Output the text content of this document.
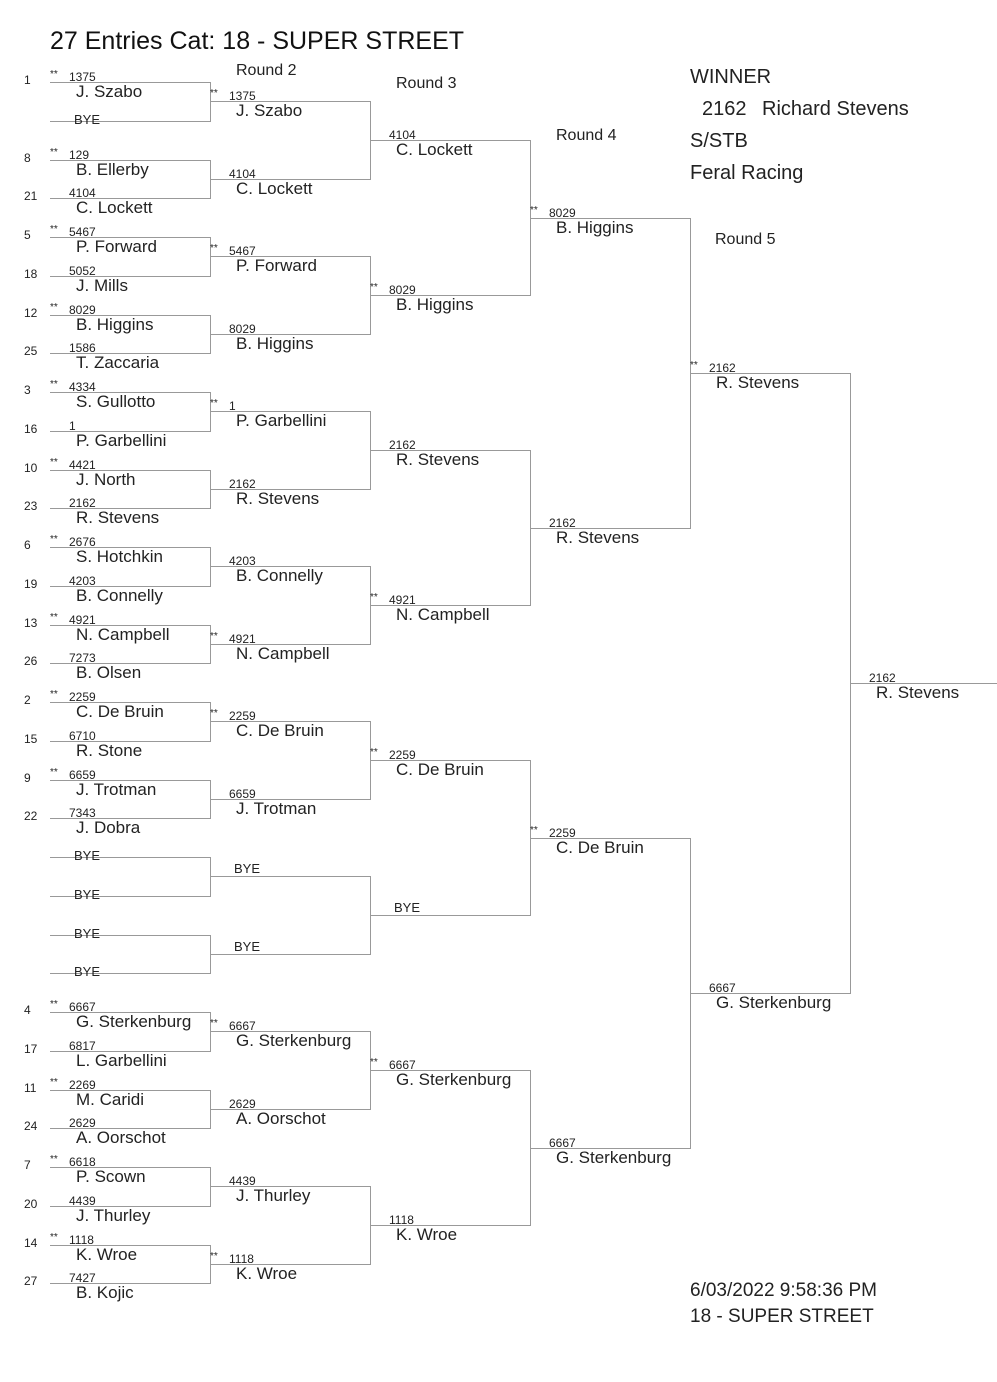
27 Entries Cat: 18 - SUPER STREET
Round 2
Round 3
Round 4
Round 5
WINNER
2162 Richard Stevens
S/STB
Feral Racing
6/03/2022 9:58:36 PM
18 - SUPER STREET
1 ** 1375
J. Szabo
BYE
8 ** 129
B. Ellerby
21	4104
C. Lockett
5 ** 5467
P. Forward
18	5052
J. Mills
12 ** 8029
B. Higgins
25	1586
T. Zaccaria
3 ** 4334
S. Gullotto
16	1
P. Garbellini
10 ** 4421
J. North
23	2162
R. Stevens
6 ** 2676
S. Hotchkin
19	4203
B. Connelly
13 ** 4921
N. Campbell
26	7273
B. Olsen
2 ** 2259
C. De Bruin
15	6710
R. Stone
9 ** 6659
J. Trotman
22	7343
J. Dobra
BYE
BYE
BYE
BYE
4 ** 6667
G. Sterkenburg
17	6817
L. Garbellini
11 ** 2269
M. Caridi
24	2629
A. Oorschot
7 ** 6618
P. Scown
20	4439
J. Thurley
14 ** 1118
K. Wroe
27	7427
B. Kojic
** 1375
J. Szabo
4104
C. Lockett
** 5467
P. Forward
8029
B. Higgins
** 1
P. Garbellini
2162
R. Stevens
4203
B. Connelly
** 4921
N. Campbell
** 2259
C. De Bruin
6659
J. Trotman
BYE
BYE
** 6667
G. Sterkenburg
2629
A. Oorschot
4439
J. Thurley
** 1118
K. Wroe
4104
C. Lockett
** 8029
B. Higgins
2162
R. Stevens
** 4921
N. Campbell
** 2259
C. De Bruin
BYE
** 6667
G. Sterkenburg
1118
K. Wroe
** 8029
B. Higgins
2162
R. Stevens
** 2259
C. De Bruin
6667
G. Sterkenburg
** 2162
R. Stevens
6667
G. Sterkenburg
2162
R. Stevens
